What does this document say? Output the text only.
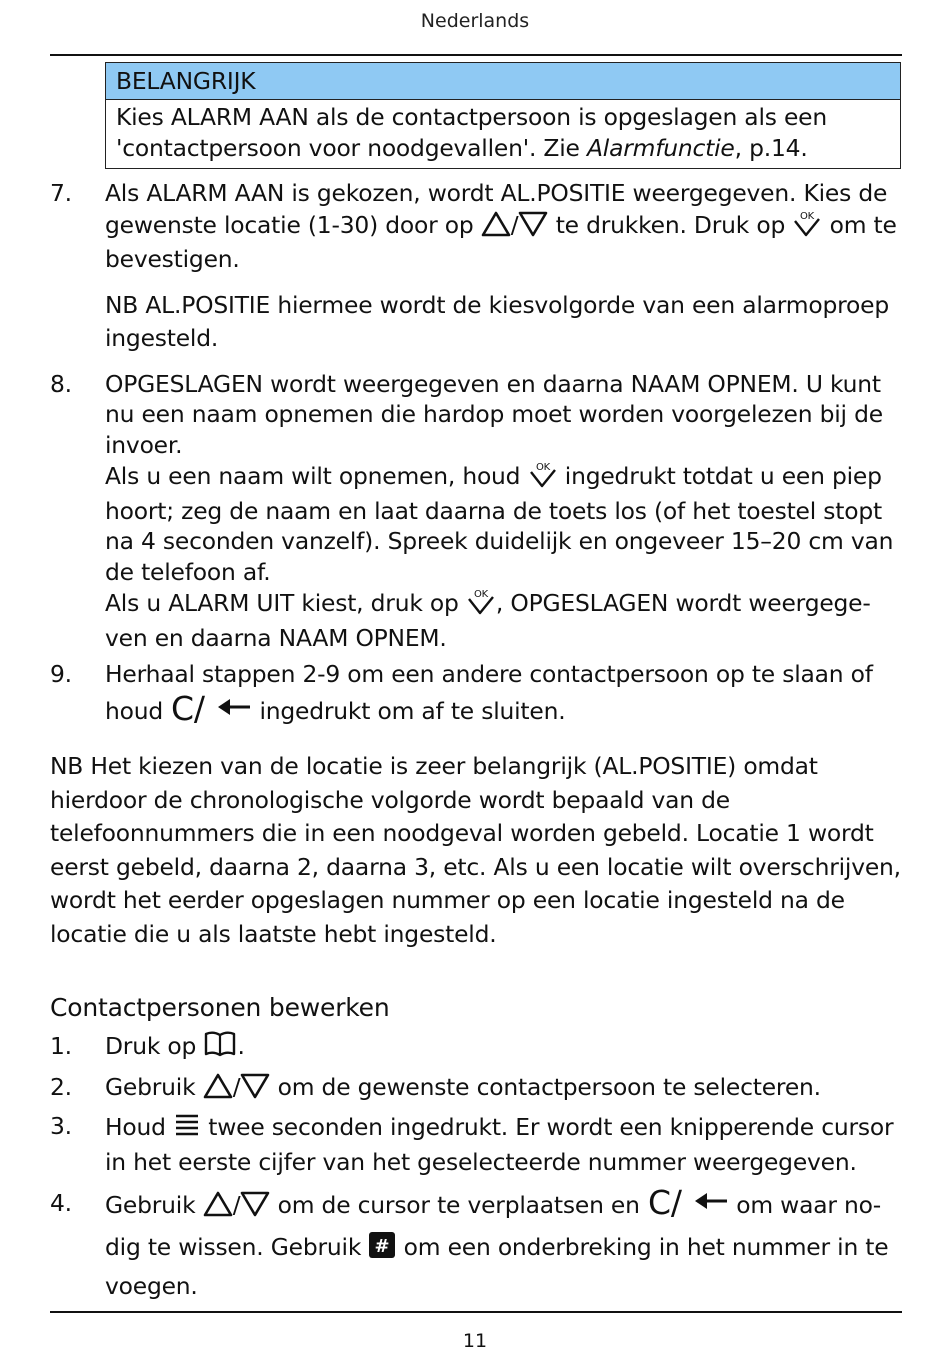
Nederlands
BELANGRIJK
Kies ALARM AAN als de contactpersoon is opgeslagen als een
'contactpersoon voor noodgevallen'. Zie Alarmfunctie, p.14.
7. Als ALARM AAN is gekozen, wordt AL.POSITIE weergegeven. Kies de gewenste locatie (1-30) door op / te drukken. Druk op OK om te bevestigen.
NB AL.POSITIE hiermee wordt de kiesvolgorde van een alarmoproep ingesteld.
8. OPGESLAGEN wordt weergegeven en daarna NAAM OPNEM. U kunt nu een naam opnemen die hardop moet worden voorgelezen bij de invoer.
Als u een naam wilt opnemen, houd OK ingedrukt totdat u een piep hoort; zeg de naam en laat daarna de toets los (of het toestel stopt na 4 seconden vanzelf). Spreek duidelijk en ongeveer 15–20 cm van de telefoon af.
Als u ALARM UIT kiest, druk op OK , OPGESLAGEN wordt weergegeven en daarna NAAM OPNEM.
9. Herhaal stappen 2-9 om een andere contactpersoon op te slaan of houd C/ ingedrukt om af te sluiten.
NB Het kiezen van de locatie is zeer belangrijk (AL.POSITIE) omdat hierdoor de chronologische volgorde wordt bepaald van de telefoonnummers die in een noodgeval worden gebeld. Locatie 1 wordt eerst gebeld, daarna 2, daarna 3, etc. Als u een locatie wilt overschrijven, wordt het eerder opgeslagen nummer op een locatie ingesteld na de locatie die u als laatste hebt ingesteld.
Contactpersonen bewerken
1. Druk op .
2. Gebruik / om de gewenste contactpersoon te selecteren.
3. Houd  twee seconden ingedrukt. Er wordt een knipperende cursor in het eerste cijfer van het geselecteerde nummer weergegeven.
4. Gebruik / om de cursor te verplaatsen en C/ om waar nodig te wissen. Gebruik # om een onderbreking in het nummer in te voegen.
11
